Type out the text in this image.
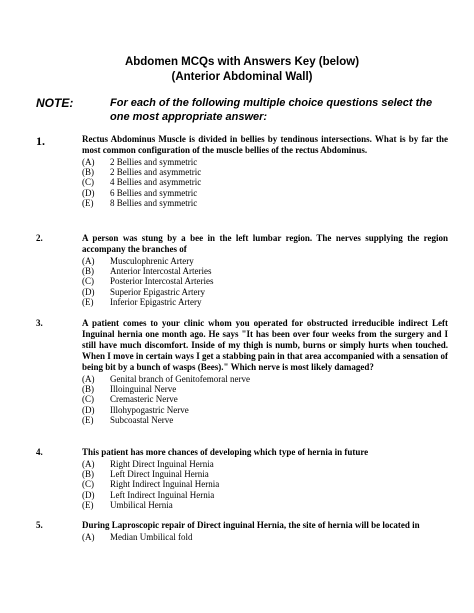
Abdomen MCQs with Answers Key (below)
(Anterior Abdominal Wall)
NOTE:	For each of the following multiple choice questions select the one most appropriate answer:
1.	Rectus Abdominus Muscle is divided in bellies by tendinous intersections. What is by far the most common configuration of the muscle bellies of the rectus Abdominus.
(A) 2 Bellies and symmetric
(B) 2 Bellies and asymmetric
(C) 4 Bellies and asymmetric
(D) 6 Bellies and symmetric
(E) 8 Bellies and symmetric
2.	A person was stung by a bee in the left lumbar region. The nerves supplying the region accompany the branches of
(A) Musculophrenic Artery
(B) Anterior Intercostal Arteries
(C) Posterior Intercostal Arteries
(D) Superior Epigastric Artery
(E) Inferior Epigastric Artery
3.	A patient comes to your clinic whom you operated for obstructed irreducible indirect Left Inguinal hernia one month ago. He says "It has been over four weeks from the surgery and I still have much discomfort. Inside of my thigh is numb, burns or simply hurts when touched. When I move in certain ways I get a stabbing pain in that area accompanied with a sensation of being bit by a bunch of wasps (Bees)." Which nerve is most likely damaged?
(A) Genital branch of Genitofemoral nerve
(B) Illoinguinal Nerve
(C) Cremasteric Nerve
(D) Illohypogastric Nerve
(E) Subcoastal Nerve
4.	This patient has more chances of developing which type of hernia in future
(A) Right Direct Inguinal Hernia
(B) Left Direct Inguinal Hernia
(C) Right Indirect Inguinal Hernia
(D) Left Indirect Inguinal Hernia
(E) Umbilical Hernia
5.	During Laproscopic repair of Direct inguinal Hernia, the site of hernia will be located in
(A) Median Umbilical fold
